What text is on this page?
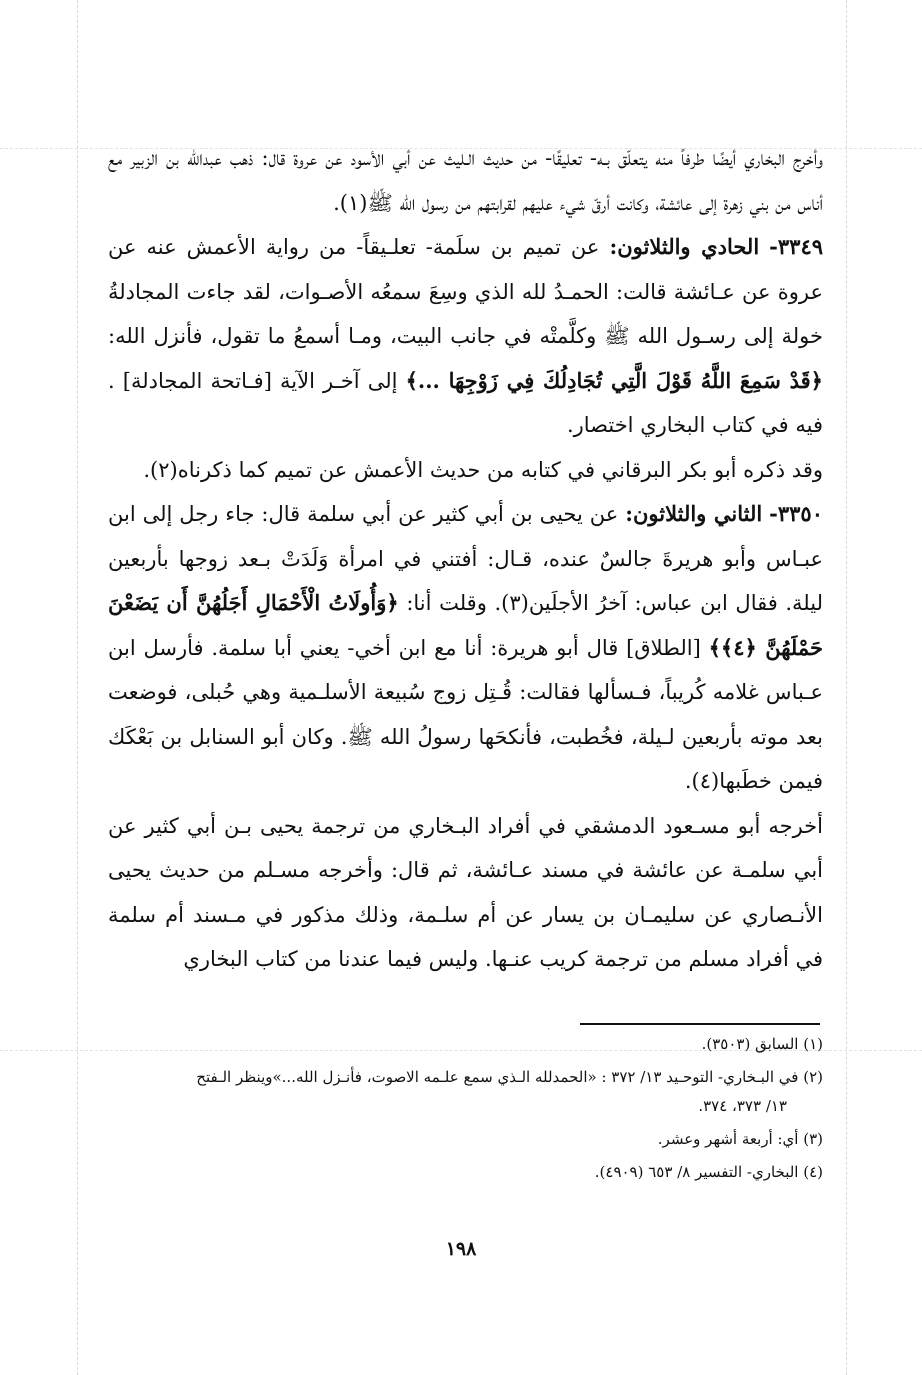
وأخرج البخاري أيضًا طرفاً منه يتعلّق بـه- تعليقًا- من حديث الـليث عن أبي الأسود عن عروة قال: ذهب عبدالله بن الزبير مع أناس من بني زهرة إلى عائشة، وكانت أرقّ شيء عليهم لقرابتهم من رسول الله ﷺ(١).

٣٣٤٩- الحادي والثلاثون: عن تميم بن سلَمة- تعلـيقاً- من رواية الأعمش عنه عن عروة عن عـائشة قالت: الحمـدُ لله الذي وسِعَ سمعُه الأصـوات، لقد جاءت المجادلةُ خولة إلى رسـول الله ﷺ وكلَّمتْه في جانب البيت، ومـا أسمعُ ما تقول، فأنزل الله: ﴿قَدْ سَمِعَ اللَّهُ قَوْلَ الَّتِي تُجَادِلُكَ فِي زَوْجِهَا ...﴾ إلى آخـر الآية [فـاتحة المجادلة] . فيه في كتاب البخاري اختصار.

وقد ذكره أبو بكر البرقاني في كتابه من حديث الأعمش عن تميم كما ذكرناه(٢).

٣٣٥٠- الثاني والثلاثون: عن يحيى بن أبي كثير عن أبي سلمة قال: جاء رجل إلى ابن عبـاس وأبو هريرةَ جالسٌ عنده، قـال: أفتني في امرأة وَلَدَتْ بـعد زوجها بأربعين ليلة. فقال ابن عباس: آخرُ الأجلَين(٣). وقلت أنا: ﴿وَأُولَاتُ الْأَحْمَالِ أَجَلُهُنَّ أَن يَضَعْنَ حَمْلَهُنَّ ﴿٤﴾﴾ [الطلاق] قال أبو هريرة: أنا مع ابن أخي- يعني أبا سلمة. فأرسل ابن عـباس غلامه كُريباً، فـسألها فقالت: قُـتِل زوج سُبيعة الأسلـمية وهي حُبلى، فوضعت بعد موته بأربعين لـيلة، فخُطبت، فأنكحَها رسولُ الله ﷺ. وكان أبو السنابل بن بَعْكَك فيمن خطَبها(٤).

أخرجه أبو مسـعود الدمشقي في أفراد البـخاري من ترجمة يحيى بـن أبي كثير عن أبي سلمـة عن عائشة في مسند عـائشة، ثم قال: وأخرجه مسـلم من حديث يحيى الأنـصاري عن سليمـان بن يسار عن أم سلـمة، وذلك مذكور في مـسند أم سلمة في أفراد مسلم من ترجمة كريب عنـها. وليس فيما عندنا من كتاب البخاري

(١) السابق (٣٥٠٣).

(٢) في البـخاري- التوحـيد ١٣/ ٣٧٢ : «الحمدلله الـذي سمع علـمه الاصوت، فأنـزل الله...»وينظر الـفتح
١٣/ ٣٧٣، ٣٧٤.

(٣) أي: أربعة أشهر وعشر.

(٤) البخاري- التفسير ٨/ ٦٥٣ (٤٩٠٩).

١٩٨
